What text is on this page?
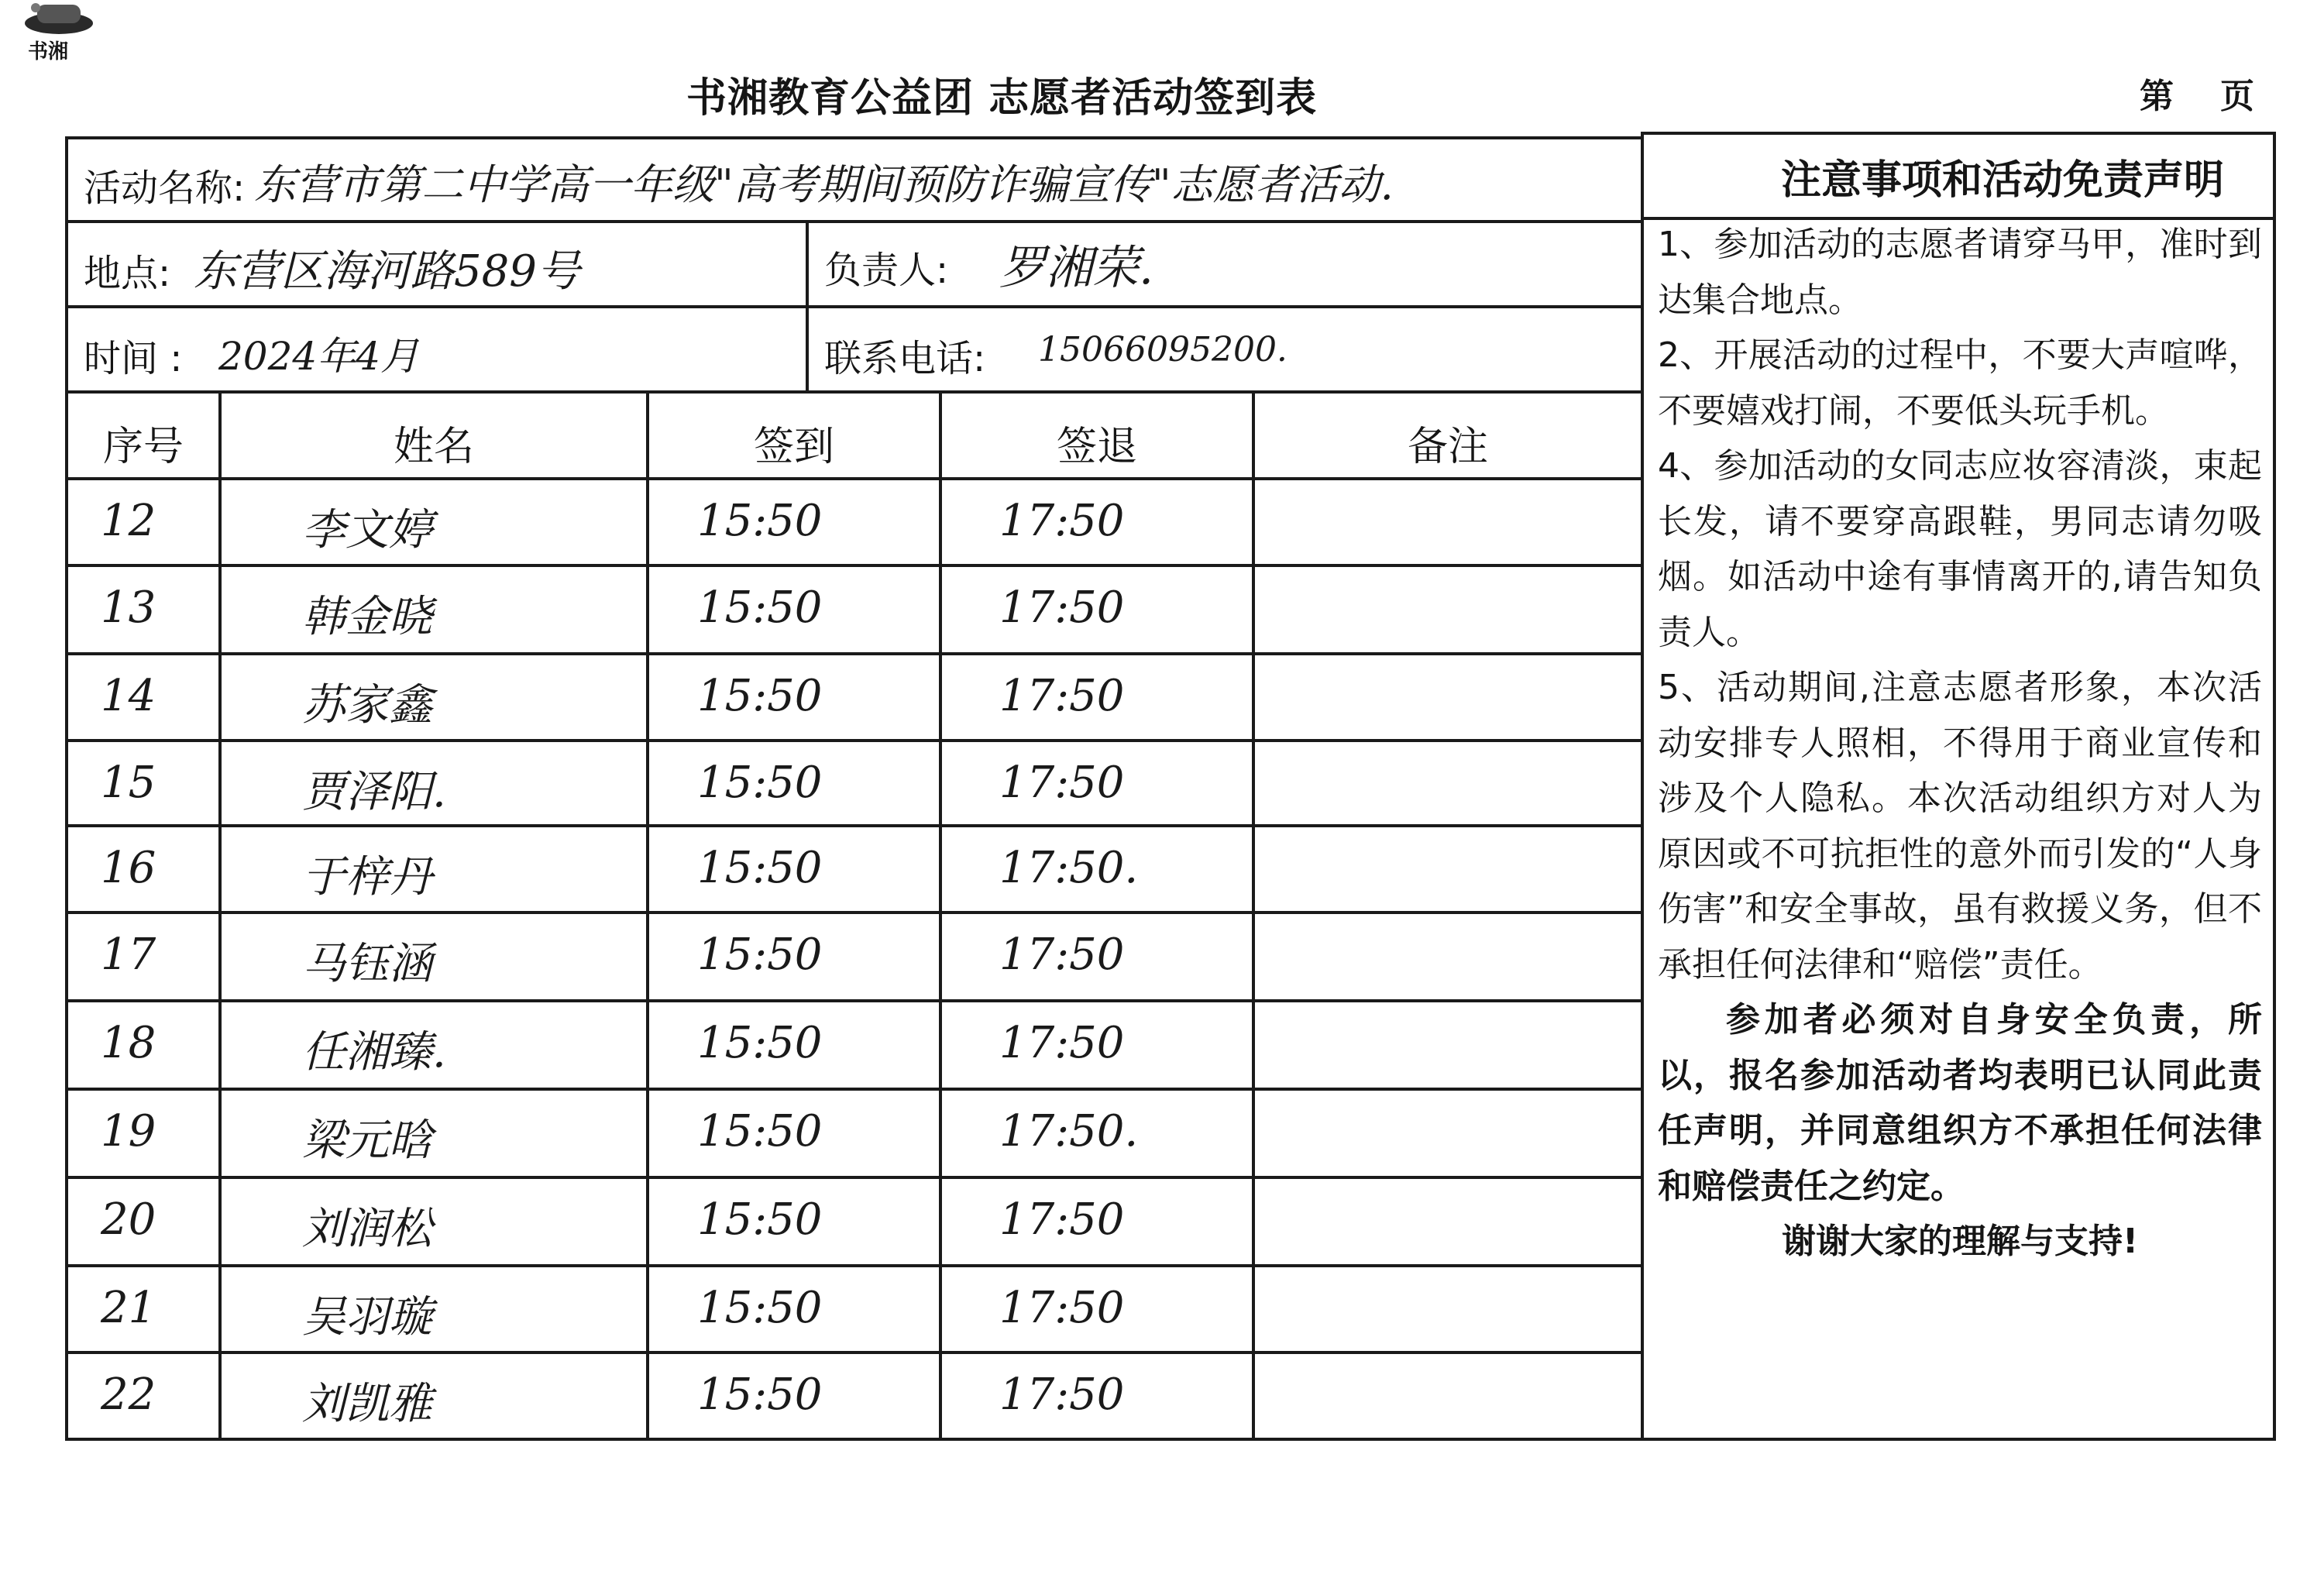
书湘
书湘教育公益团 志愿者活动签到表	第 页
活动名称: 东营市第二中学高一年级"高考期间预防诈骗宣传"志愿者活动.
地点: 东营区海河路589号	负责人: 罗湘荣.
时间 : 2024年4月	联系电话: 15066095200.
序号	姓名	签到	签退	备注
12	李文婷	15:50	17:50
13	韩金晓	15:50	17:50
14	苏家鑫	15:50	17:50
15	贾泽阳.	15:50	17:50
16	于梓丹	15:50	17:50.
17	马钰涵	15:50	17:50
18	任湘臻.	15:50	17:50
19	梁元晗	15:50	17:50.
20	刘润松	15:50	17:50
21	吴羽璇	15:50	17:50
22	刘凯雅	15:50	17:50
注意事项和活动免责声明

1、参加活动的志愿者请穿马甲，准时到达集合地点。

2、开展活动的过程中，不要大声喧哗，不要嬉戏打闹，不要低头玩手机。

4、参加活动的女同志应妆容清淡，束起长发，请不要穿高跟鞋，男同志请勿吸烟。如活动中途有事情离开的,请告知负责人。

5、活动期间,注意志愿者形象，本次活动安排专人照相，不得用于商业宣传和涉及个人隐私。本次活动组织方对人为原因或不可抗拒性的意外而引发的“人身伤害”和安全事故，虽有救援义务，但不承担任何法律和“赔偿”责任。

参加者必须对自身安全负责，所以，报名参加活动者均表明已认同此责任声明，并同意组织方不承担任何法律和赔偿责任之约定。

谢谢大家的理解与支持!
